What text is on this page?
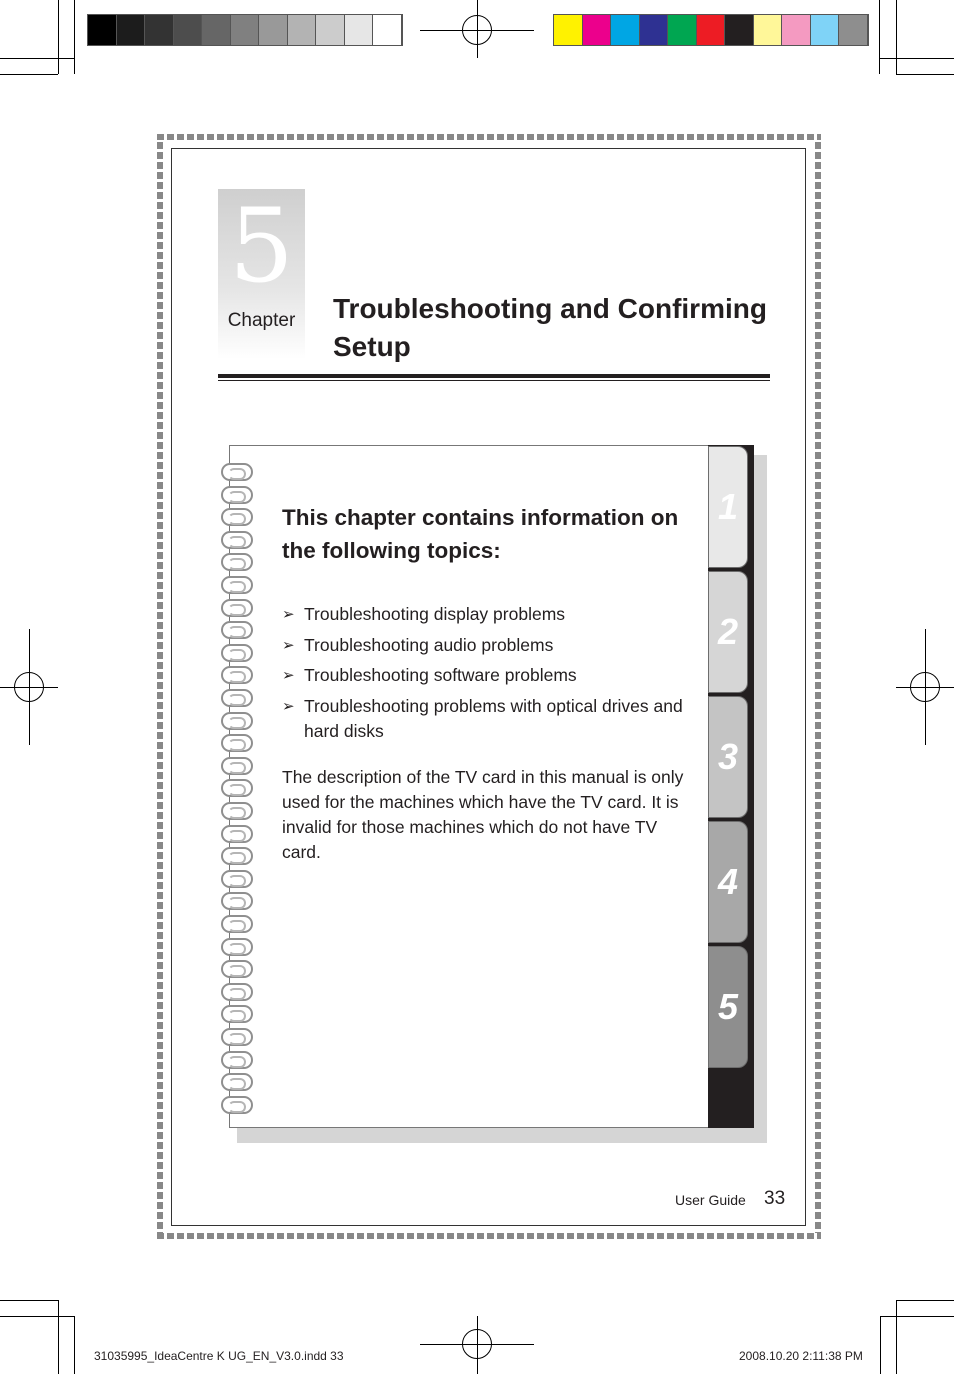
5
Chapter	Troubleshooting and Confirming Setup
1
2
3
4
5
This chapter contains information on the following topics:
➢ Troubleshooting display problems
➢ Troubleshooting audio problems
➢ Troubleshooting software problems
➢ Troubleshooting problems with optical drives and hard disks
The description of the TV card in this manual is only used for the machines which have the TV card. It is invalid for those machines which do not have TV card.
User Guide 33
31035995_IdeaCentre K UG_EN_V3.0.indd 33	2008.10.20 2:11:38 PM
